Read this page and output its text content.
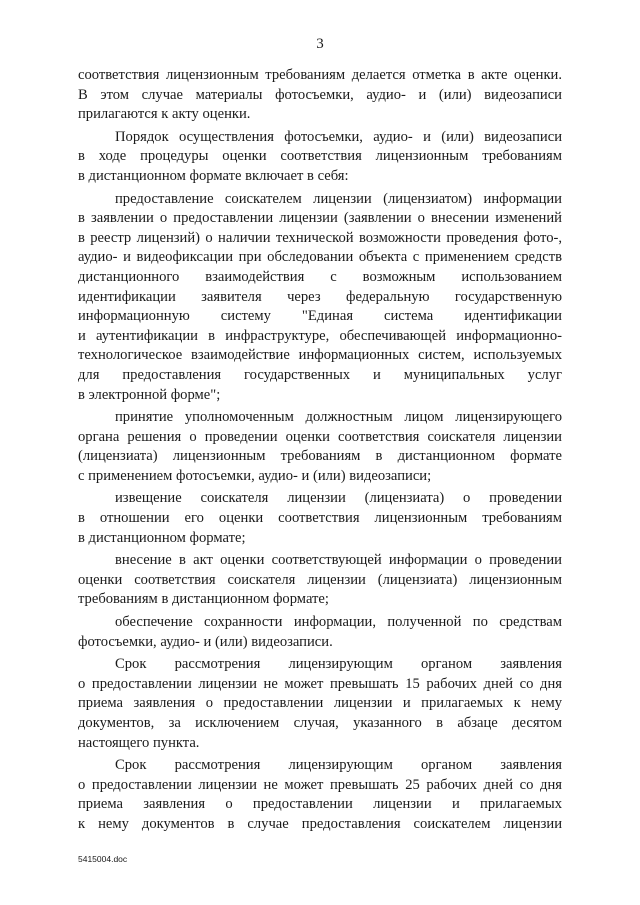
3
соответствия лицензионным требованиям делается отметка в акте оценки.
В этом случае материалы фотосъемки, аудио- и (или) видеозаписи
прилагаются к акту оценки.
Порядок осуществления фотосъемки, аудио- и (или) видеозаписи
в ходе процедуры оценки соответствия лицензионным требованиям
в дистанционном формате включает в себя:
предоставление соискателем лицензии (лицензиатом) информации
в заявлении о предоставлении лицензии (заявлении о внесении изменений
в реестр лицензий) о наличии технической возможности проведения фото-,
аудио- и видеофиксации при обследовании объекта с применением средств
дистанционного взаимодействия с возможным использованием
идентификации заявителя через федеральную государственную
информационную систему "Единая система идентификации
и аутентификации в инфраструктуре, обеспечивающей информационно-
технологическое взаимодействие информационных систем, используемых
для предоставления государственных и муниципальных услуг
в электронной форме";
принятие уполномоченным должностным лицом лицензирующего
органа решения о проведении оценки соответствия соискателя лицензии
(лицензиата) лицензионным требованиям в дистанционном формате
с применением фотосъемки, аудио- и (или) видеозаписи;
извещение соискателя лицензии (лицензиата) о проведении
в отношении его оценки соответствия лицензионным требованиям
в дистанционном формате;
внесение в акт оценки соответствующей информации о проведении
оценки соответствия соискателя лицензии (лицензиата) лицензионным
требованиям в дистанционном формате;
обеспечение сохранности информации, полученной по средствам
фотосъемки, аудио- и (или) видеозаписи.
Срок рассмотрения лицензирующим органом заявления
о предоставлении лицензии не может превышать 15 рабочих дней со дня
приема заявления о предоставлении лицензии и прилагаемых к нему
документов, за исключением случая, указанного в абзаце десятом
настоящего пункта.
Срок рассмотрения лицензирующим органом заявления
о предоставлении лицензии не может превышать 25 рабочих дней со дня
приема заявления о предоставлении лицензии и прилагаемых
к нему документов в случае предоставления соискателем лицензии
5415004.doc
